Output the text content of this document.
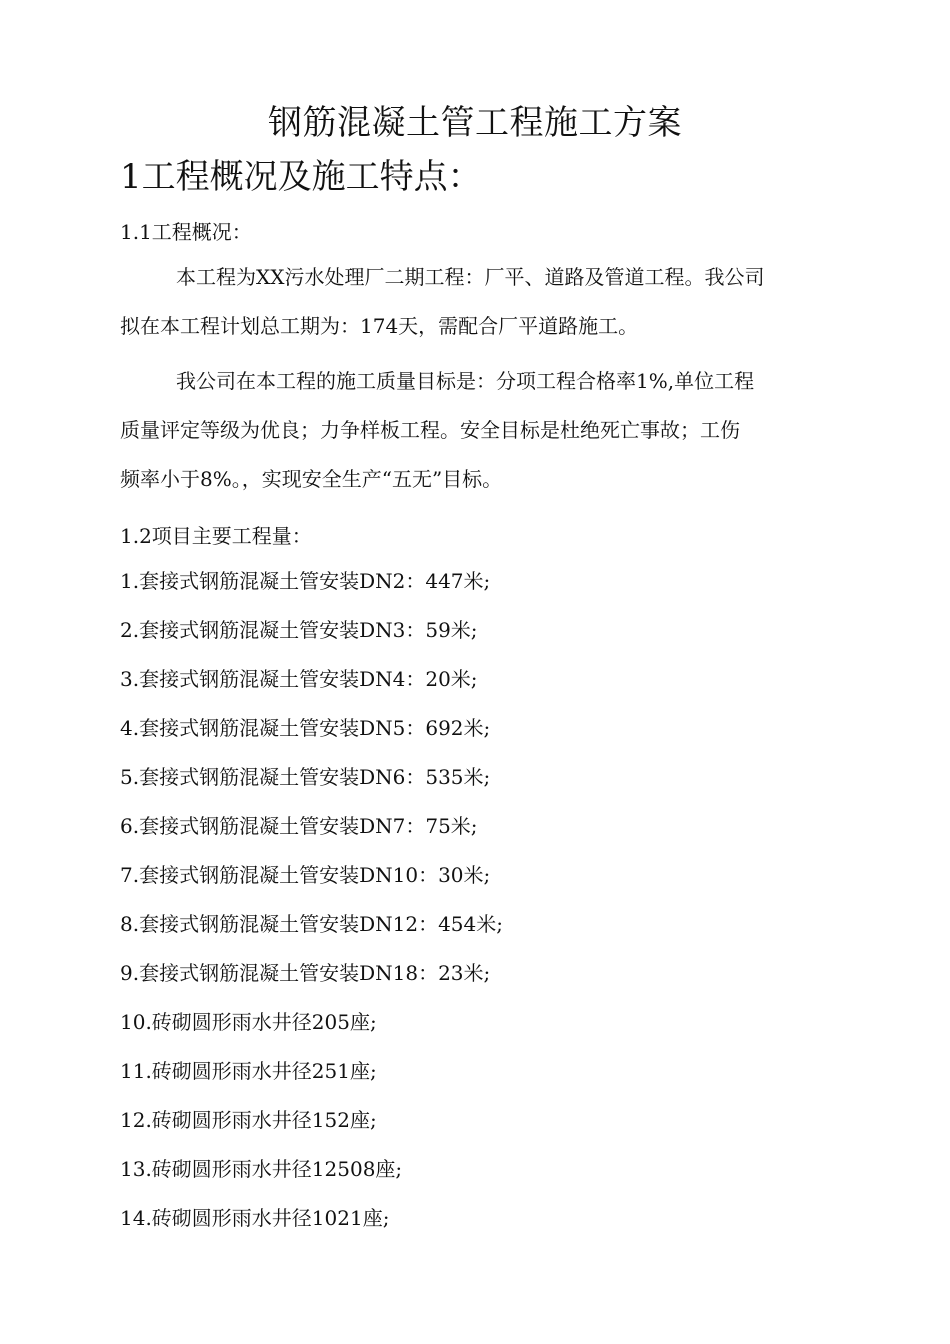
钢筋混凝土管工程施工方案
1工程概况及施工特点：
1.1工程概况：
本工程为XX污水处理厂二期工程：厂平、道路及管道工程。我公司
拟在本工程计划总工期为：174天，需配合厂平道路施工。
我公司在本工程的施工质量目标是：分项工程合格率1%,单位工程
质量评定等级为优良；力争样板工程。安全目标是杜绝死亡事故；工伤
频率小于8%。，实现安全生产“五无”目标。
1.2项目主要工程量：
1.套接式钢筋混凝土管安装DN2：447米;
2.套接式钢筋混凝土管安装DN3：59米;
3.套接式钢筋混凝土管安装DN4：20米;
4.套接式钢筋混凝土管安装DN5：692米;
5.套接式钢筋混凝土管安装DN6：535米;
6.套接式钢筋混凝土管安装DN7：75米;
7.套接式钢筋混凝土管安装DN10：30米;
8.套接式钢筋混凝土管安装DN12：454米;
9.套接式钢筋混凝土管安装DN18：23米;
10.砖砌圆形雨水井径205座;
11.砖砌圆形雨水井径251座;
12.砖砌圆形雨水井径152座;
13.砖砌圆形雨水井径12508座;
14.砖砌圆形雨水井径1021座;
